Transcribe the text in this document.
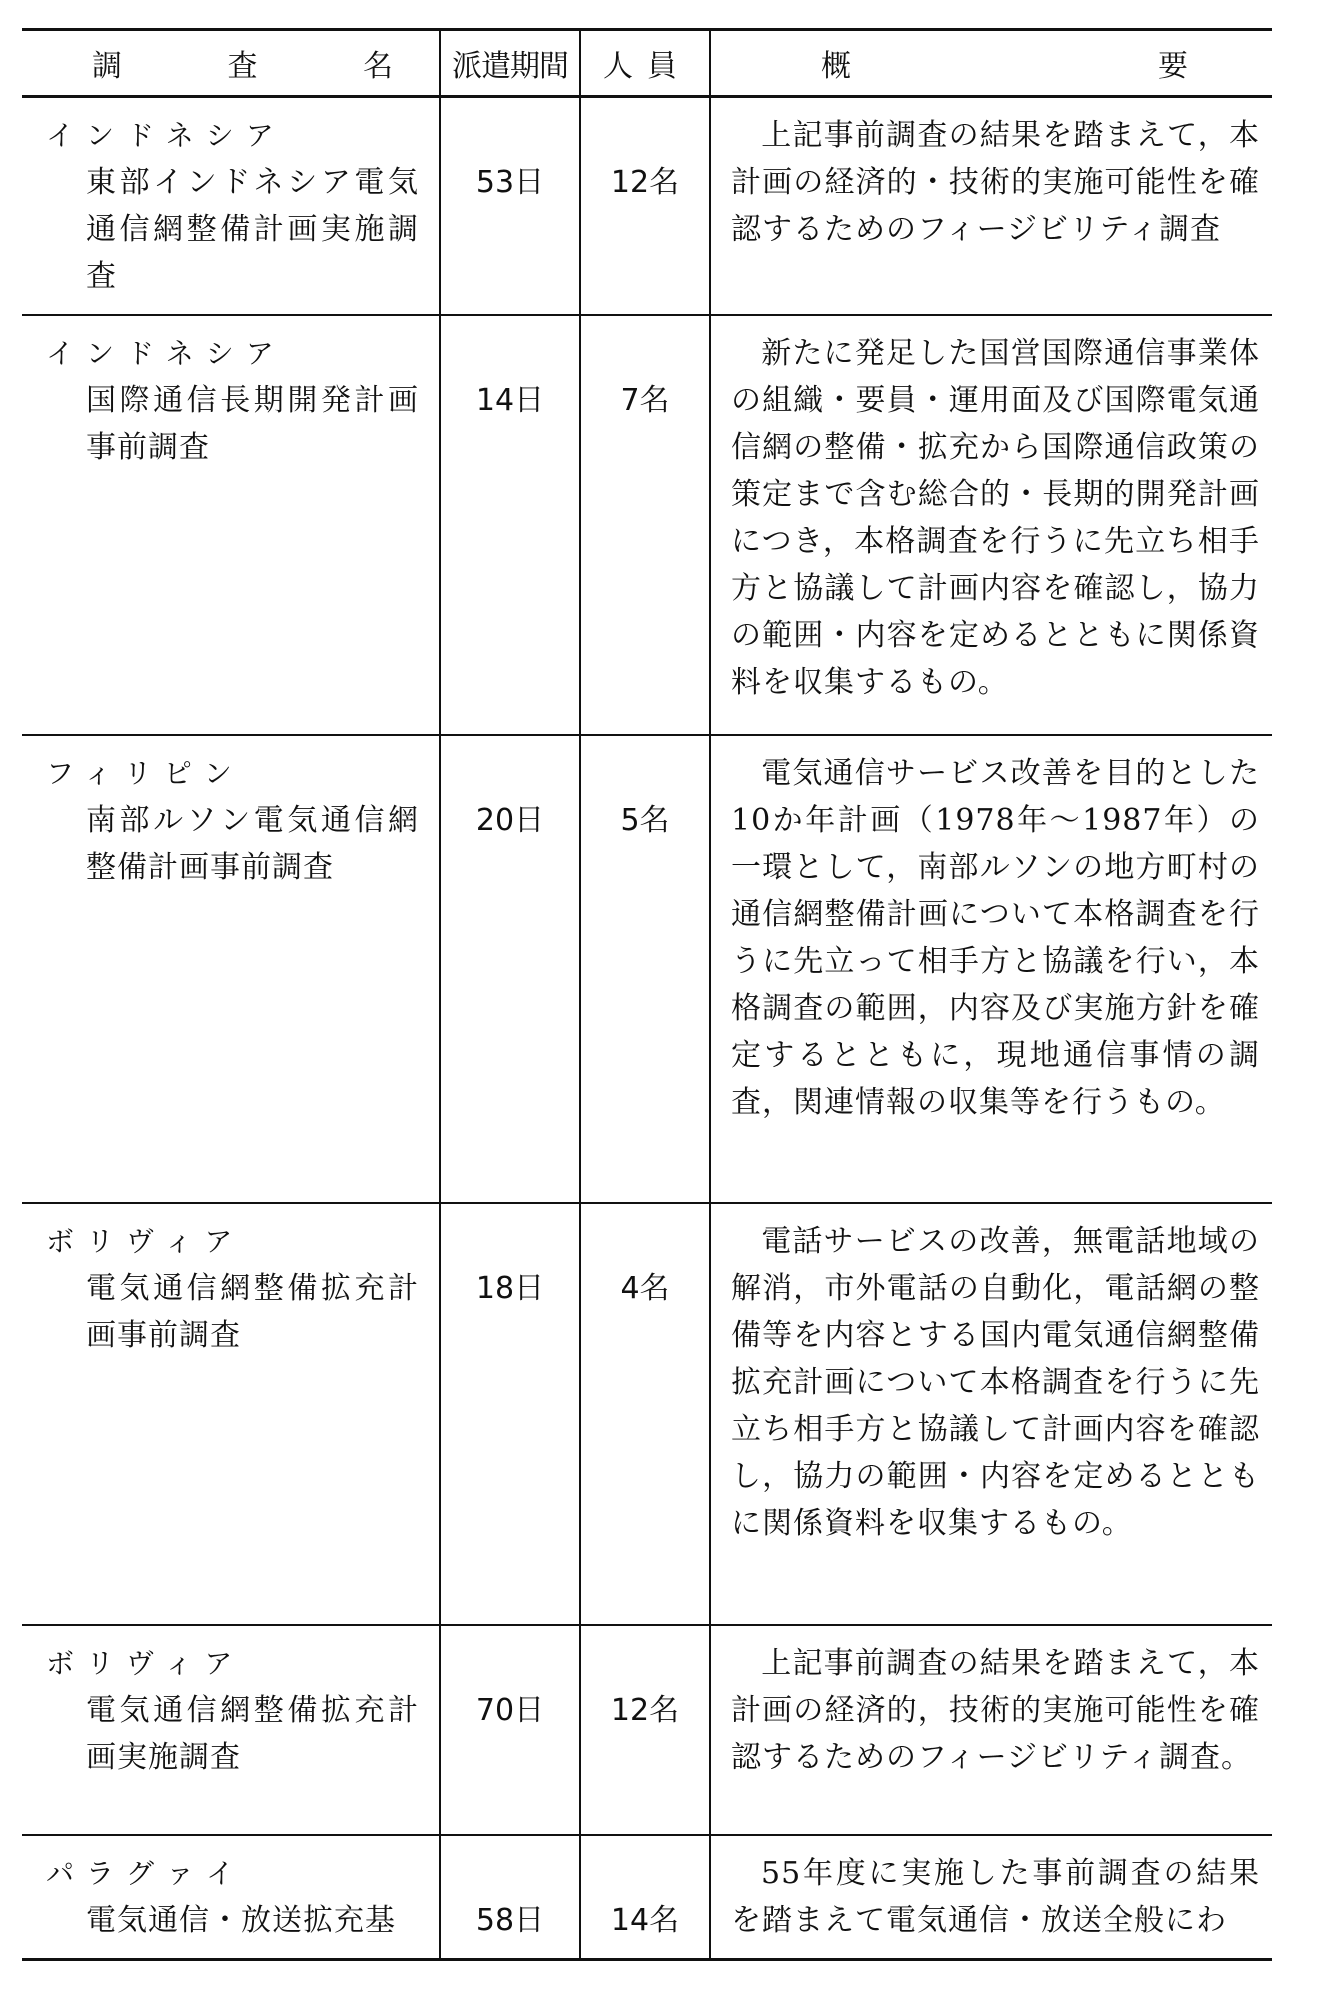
調 査 名	派遣期間	人 員	概 要

インドネシア
東部インドネシア電気通信網整備計画実施調査	53日	12名	上記事前調査の結果を踏まえて，本計画の経済的・技術的実施可能性を確認するためのフィージビリティ調査

インドネシア
国際通信長期開発計画事前調査	14日	7名	新たに発足した国営国際通信事業体の組織・要員・運用面及び国際電気通信網の整備・拡充から国際通信政策の策定まで含む総合的・長期的開発計画につき，本格調査を行うに先立ち相手方と協議して計画内容を確認し，協力の範囲・内容を定めるとともに関係資料を収集するもの。

フィリピン
南部ルソン電気通信網整備計画事前調査	20日	5名	電気通信サービス改善を目的とした10か年計画（1978年～1987年）の一環として，南部ルソンの地方町村の通信網整備計画について本格調査を行うに先立って相手方と協議を行い，本格調査の範囲，内容及び実施方針を確定するとともに，現地通信事情の調査，関連情報の収集等を行うもの。

ボリヴィア
電気通信網整備拡充計画事前調査	18日	4名	電話サービスの改善，無電話地域の解消，市外電話の自動化，電話網の整備等を内容とする国内電気通信網整備拡充計画について本格調査を行うに先立ち相手方と協議して計画内容を確認し，協力の範囲・内容を定めるとともに関係資料を収集するもの。

ボリヴィア
電気通信網整備拡充計画実施調査	70日	12名	上記事前調査の結果を踏まえて，本計画の経済的，技術的実施可能性を確認するためのフィージビリティ調査。

パラグァイ
電気通信・放送拡充基	58日	14名	55年度に実施した事前調査の結果を踏まえて電気通信・放送全般にわ
